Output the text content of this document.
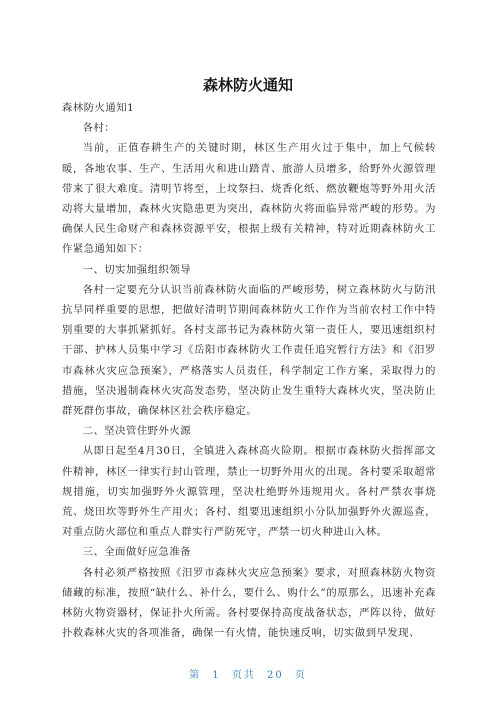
森林防火通知

森林防火通知1

各村：

当前，正值春耕生产的关键时期，林区生产用火过于集中，加上气候转暖，各地农事、生产、生活用火和进山踏青、旅游人员增多，给野外火源管理带来了很大难度。清明节将至，上坟祭扫、烧香化纸、燃放鞭炮等野外用火活动将大量增加，森林火灾隐患更为突出，森林防火将面临异常严峻的形势。为确保人民生命财产和森林资源平安，根据上级有关精神，特对近期森林防火工作紧急通知如下：

一、切实加强组织领导

各村一定要充分认识当前森林防火面临的严峻形势，树立森林防火与防汛抗旱同样重要的思想，把做好清明节期间森林防火工作作为当前农村工作中特别重要的大事抓紧抓好。各村支部书记为森林防火第一责任人，要迅速组织村干部、护林人员集中学习《岳阳市森林防火工作责任追究暂行方法》和《汨罗市森林火灾应急预案》，严格落实人员责任，科学制定工作方案，采取得力的措施，坚决遏制森林火灾高发态势，坚决防止发生重特大森林火灾，坚决防止群死群伤事故，确保林区社会秩序稳定。

二、坚决管住野外火源

从即日起至4月30日，全镇进入森林高火险期。根据市森林防火指挥部文件精神，林区一律实行封山管理，禁止一切野外用火的出现。各村要采取超常规措施，切实加强野外火源管理，坚决杜绝野外违规用火。各村严禁农事烧荒、烧田坎等野外生产用火；各村、组要迅速组织小分队加强野外火源巡查，对重点防火部位和重点人群实行严防死守，严禁一切火种进山入林。

三、全面做好应急准备

各村必须严格按照《汨罗市森林火灾应急预案》要求，对照森林防火物资储藏的标准，按照“缺什么、补什么，要什么、购什么”的原那么，迅速补充森林防火物资器材，保证扑火所需。各村要保持高度战备状态，严阵以待，做好扑救森林火灾的各项准备，确保一有火情，能快速反响，切实做到早发现、

第 1 页共 20 页
